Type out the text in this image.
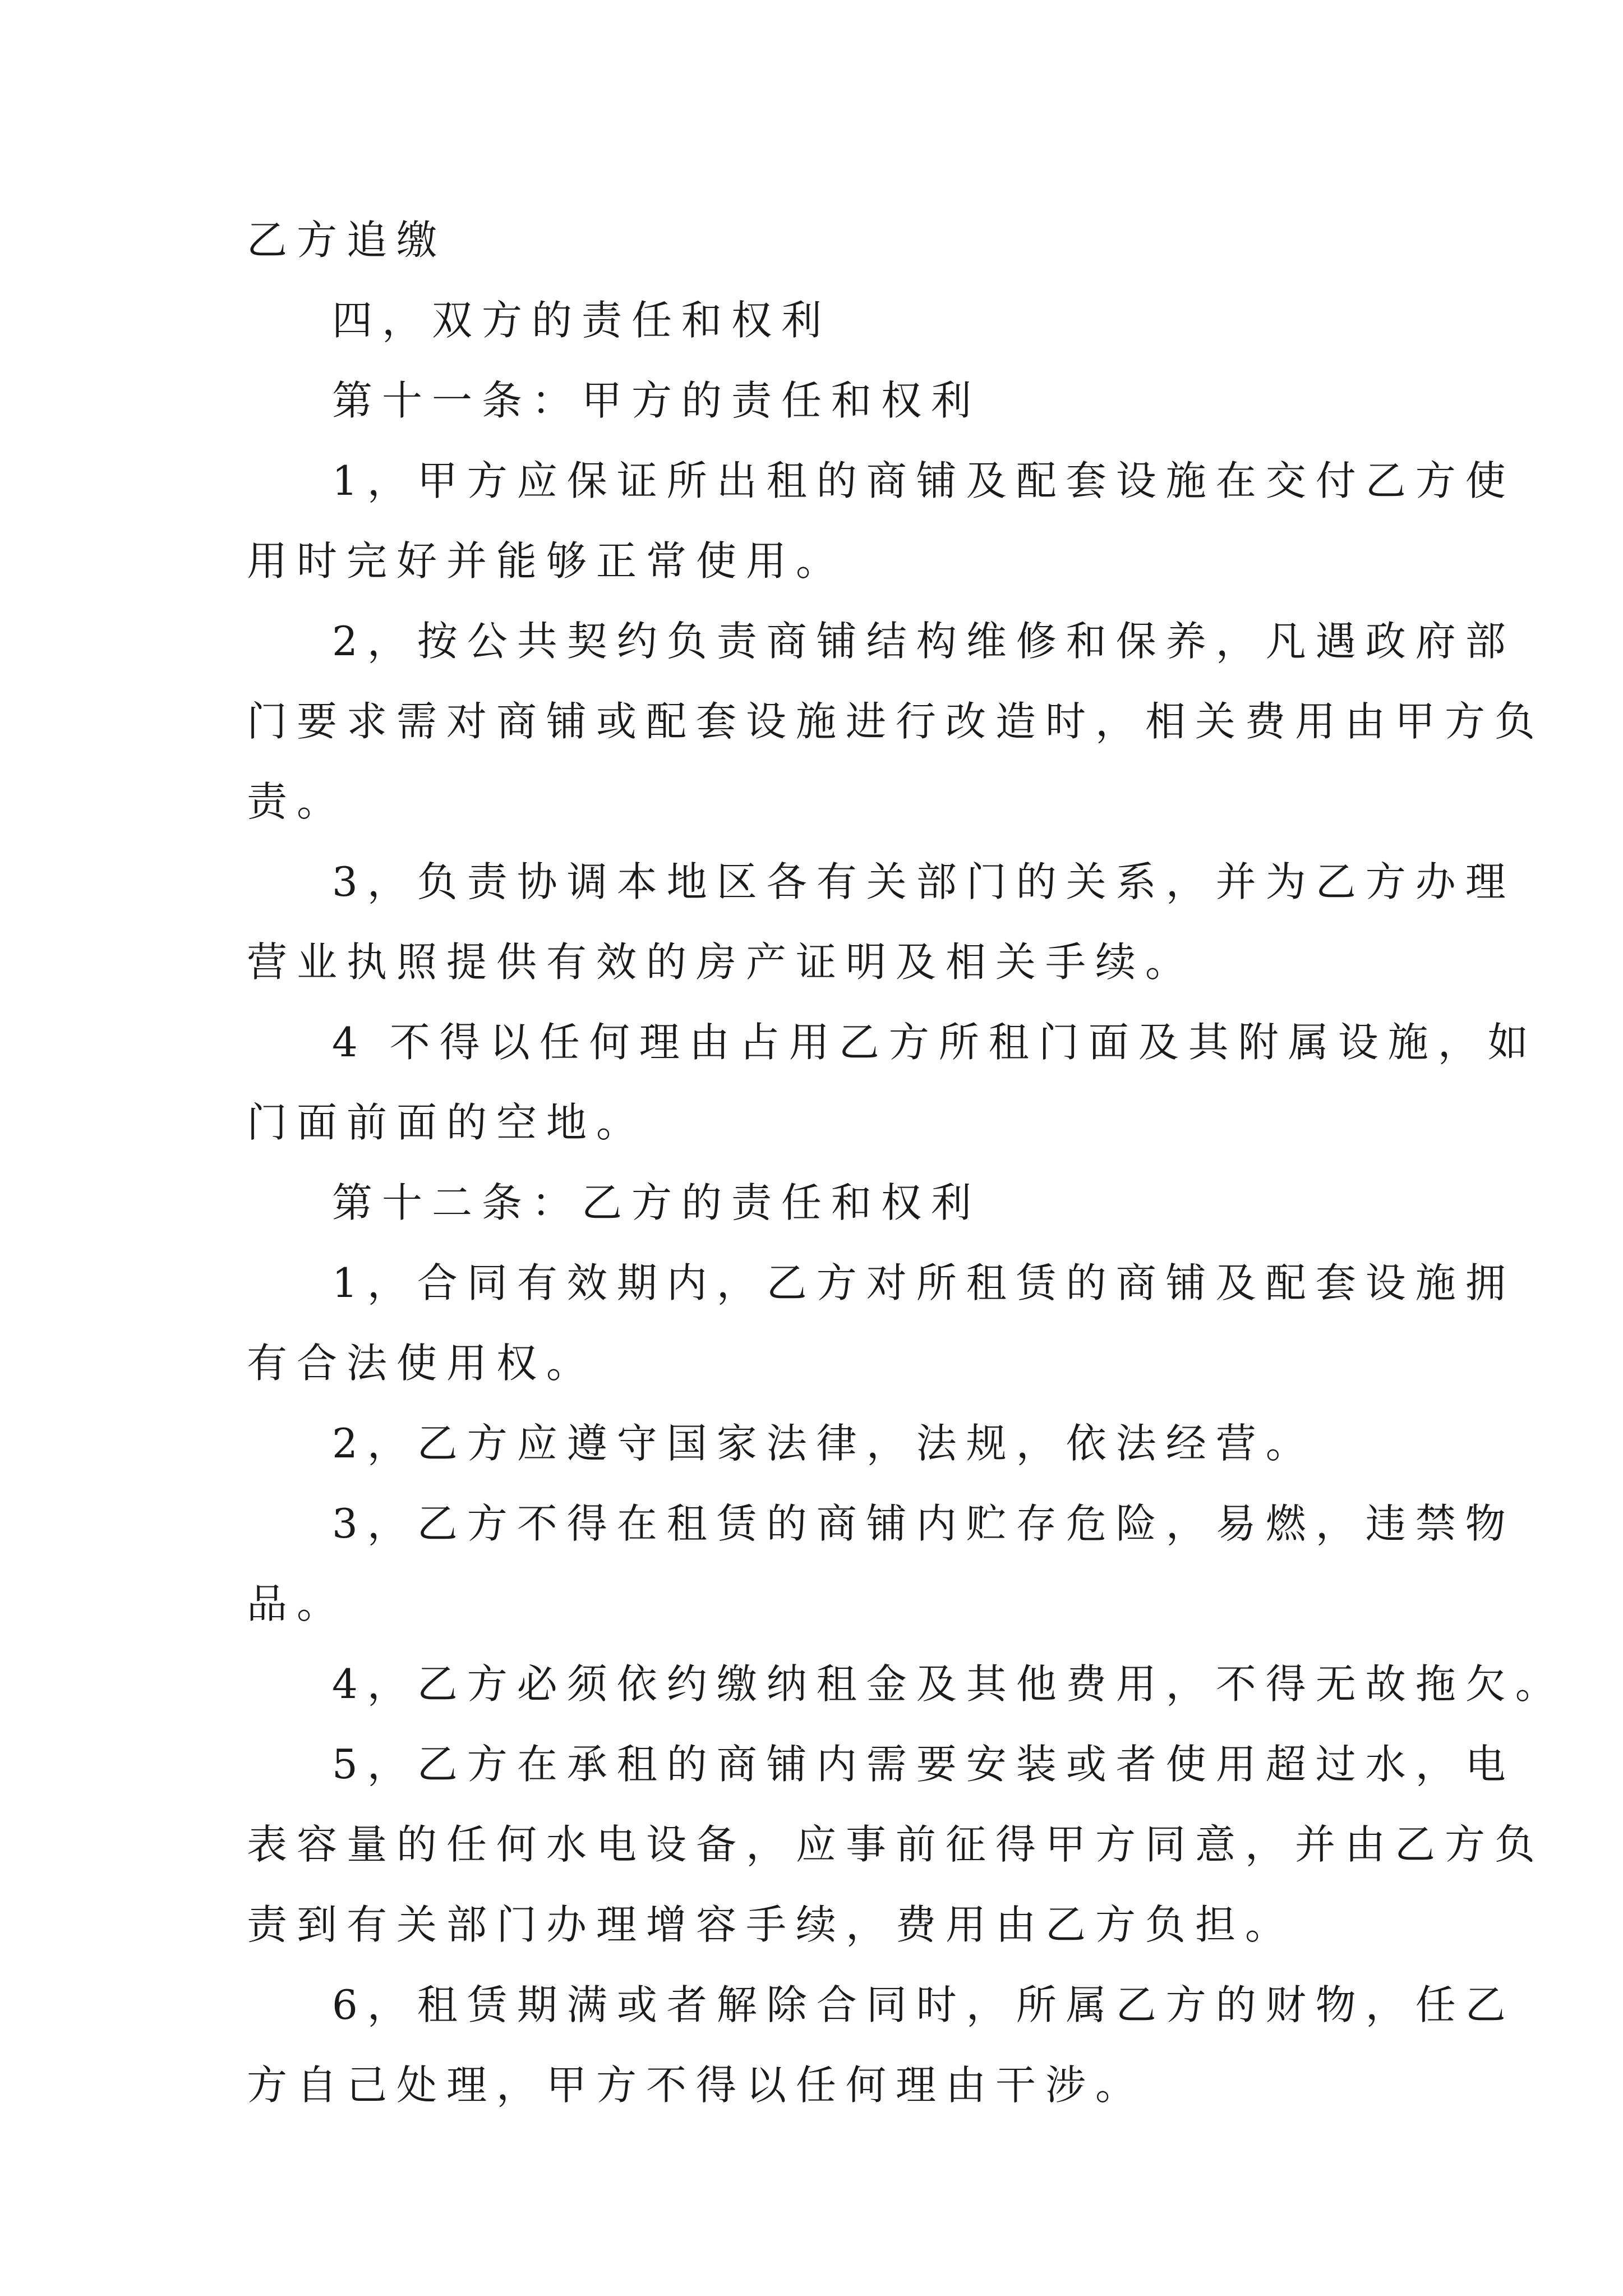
乙方追缴
四，双方的责任和权利
第十一条：甲方的责任和权利
1，甲方应保证所出租的商铺及配套设施在交付乙方使
用时完好并能够正常使用。
2，按公共契约负责商铺结构维修和保养，凡遇政府部
门要求需对商铺或配套设施进行改造时，相关费用由甲方负
责。
3，负责协调本地区各有关部门的关系，并为乙方办理
营业执照提供有效的房产证明及相关手续。
4 不得以任何理由占用乙方所租门面及其附属设施，如
门面前面的空地。
第十二条：乙方的责任和权利
1，合同有效期内，乙方对所租赁的商铺及配套设施拥
有合法使用权。
2，乙方应遵守国家法律，法规，依法经营。
3，乙方不得在租赁的商铺内贮存危险，易燃，违禁物
品。
4，乙方必须依约缴纳租金及其他费用，不得无故拖欠。
5，乙方在承租的商铺内需要安装或者使用超过水，电
表容量的任何水电设备，应事前征得甲方同意，并由乙方负
责到有关部门办理增容手续，费用由乙方负担。
6，租赁期满或者解除合同时，所属乙方的财物，任乙
方自己处理，甲方不得以任何理由干涉。
